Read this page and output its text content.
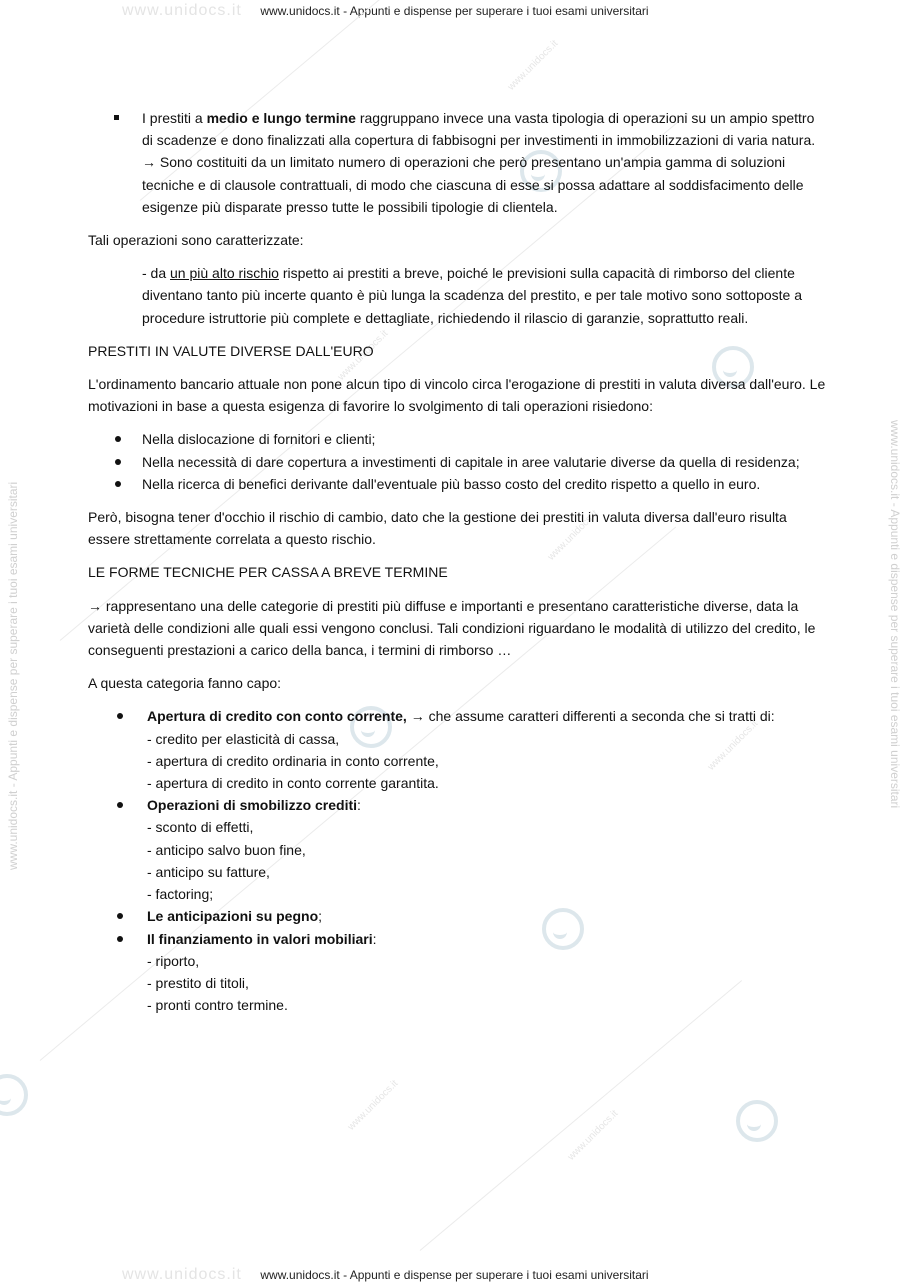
www.unidocs.it
www.unidocs.it
www.unidocs.it - Appunti e dispense per superare i tuoi esami universitari
www.unidocs.it - Appunti e dispense per superare i tuoi esami universitari
www.unidocs.it - Appunti e dispense per superare i tuoi esami universitari	www.unidocs.it - Appunti e dispense per superare i tuoi esami universitari
www.unidocs.it
www.unidocs.it
www.unidocs.it
www.unidocs.it
www.unidocs.it
www.unidocs.it
I prestiti a medio e lungo termine raggruppano invece una vasta tipologia di operazioni su un ampio spettro di scadenze e dono finalizzati alla copertura di fabbisogni per investimenti in immobilizzazioni di varia natura. → Sono costituiti da un limitato numero di operazioni che però presentano un'ampia gamma di soluzioni tecniche e di clausole contrattuali, di modo che ciascuna di esse si possa adattare al soddisfacimento delle esigenze più disparate presso tutte le possibili tipologie di clientela.

Tali operazioni sono caratterizzate:

- da un più alto rischio rispetto ai prestiti a breve, poiché le previsioni sulla capacità di rimborso del cliente diventano tanto più incerte quanto è più lunga la scadenza del prestito, e per tale motivo sono sottoposte a procedure istruttorie più complete e dettagliate, richiedendo il rilascio di garanzie, soprattutto reali.

PRESTITI IN VALUTE DIVERSE DALL'EURO

L'ordinamento bancario attuale non pone alcun tipo di vincolo circa l'erogazione di prestiti in valuta diversa dall'euro. Le motivazioni in base a questa esigenza di favorire lo svolgimento di tali operazioni risiedono:

Nella dislocazione di fornitori e clienti;
Nella necessità di dare copertura a investimenti di capitale in aree valutarie diverse da quella di residenza;
Nella ricerca di benefici derivante dall'eventuale più basso costo del credito rispetto a quello in euro.

Però, bisogna tener d'occhio il rischio di cambio, dato che la gestione dei prestiti in valuta diversa dall'euro risulta essere strettamente correlata a questo rischio.

LE FORME TECNICHE PER CASSA A BREVE TERMINE

→ rappresentano una delle categorie di prestiti più diffuse e importanti e presentano caratteristiche diverse, data la varietà delle condizioni alle quali essi vengono conclusi. Tali condizioni riguardano le modalità di utilizzo del credito, le conseguenti prestazioni a carico della banca, i termini di rimborso …

A questa categoria fanno capo:

Apertura di credito con conto corrente, → che assume caratteri differenti a seconda che si tratti di:
- credito per elasticità di cassa,
- apertura di credito ordinaria in conto corrente,
- apertura di credito in conto corrente garantita.
Operazioni di smobilizzo crediti:
- sconto di effetti,
- anticipo salvo buon fine,
- anticipo su fatture,
- factoring;
Le anticipazioni su pegno;
Il finanziamento in valori mobiliari:
- riporto,
- prestito di titoli,
- pronti contro termine.
